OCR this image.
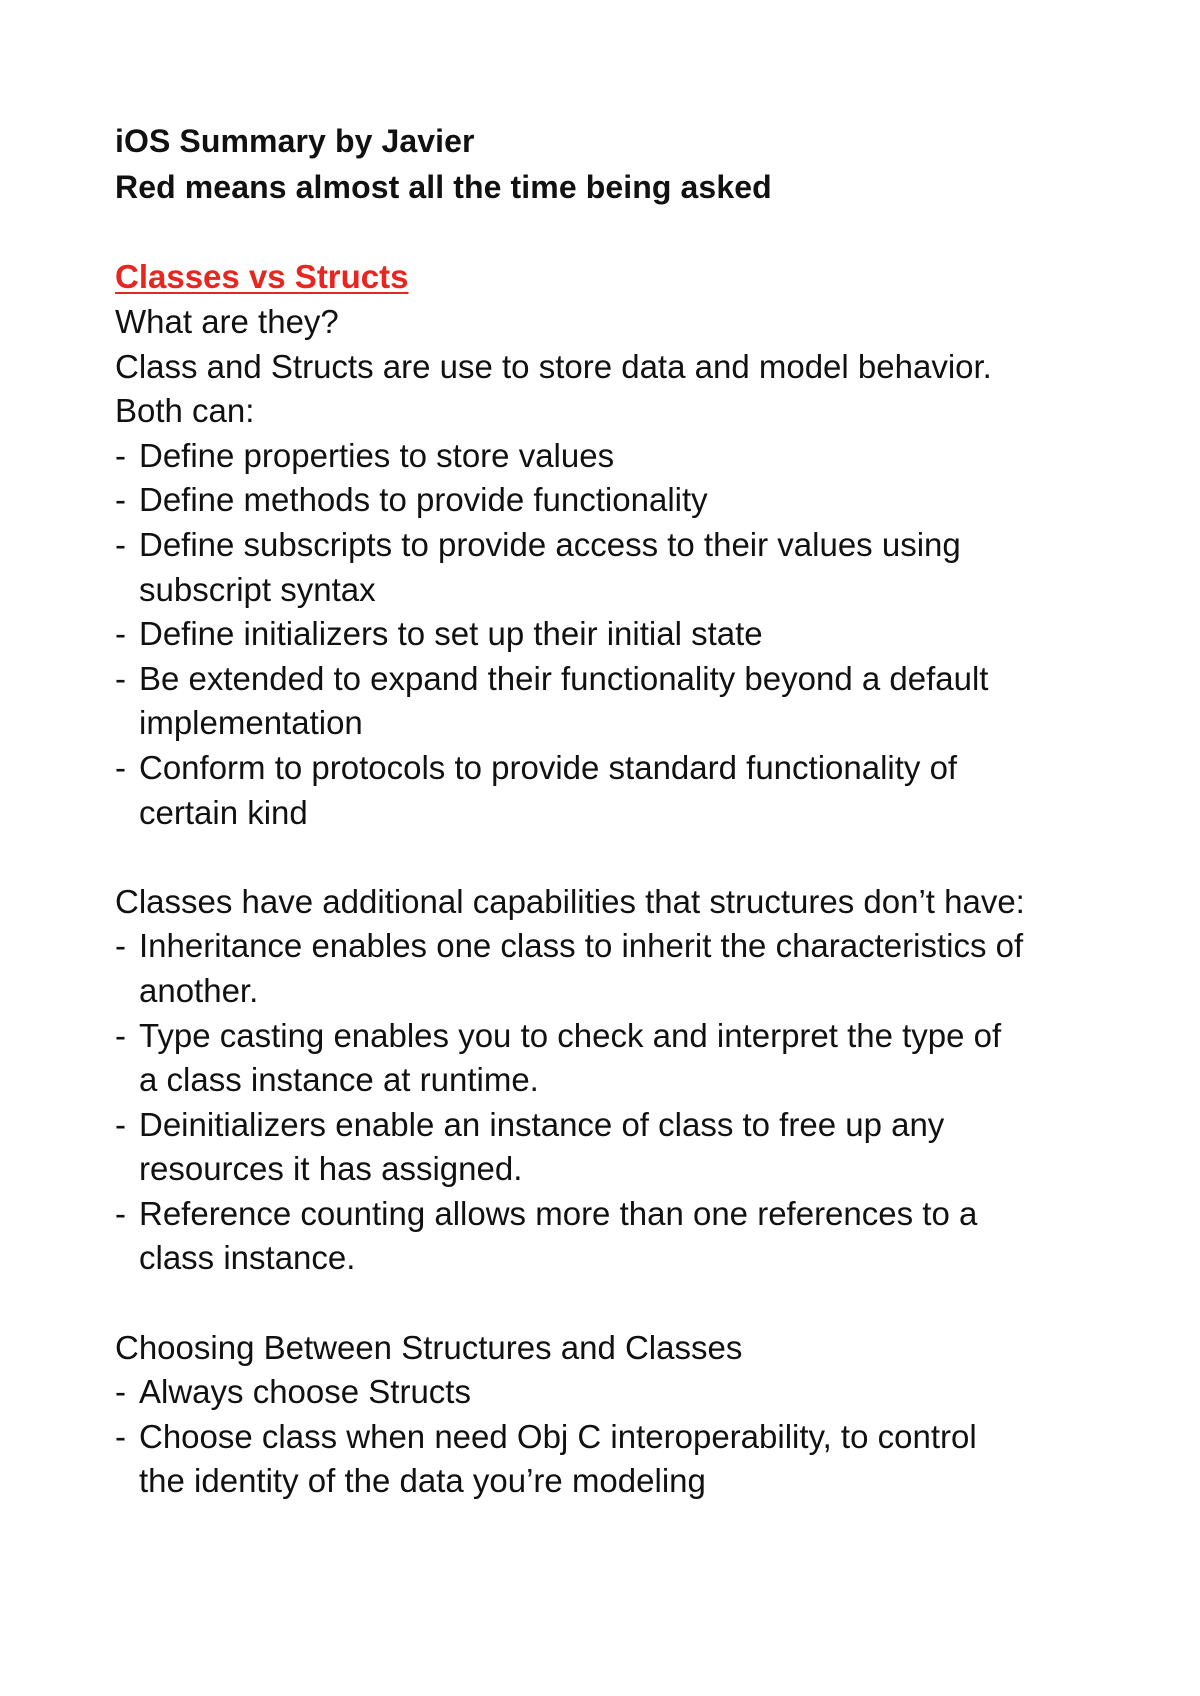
iOS Summary by Javier
Red means almost all the time being asked
Classes vs Structs
What are they?
Class and Structs are use to store data and model behavior.
Both can:
- Define properties to store values
- Define methods to provide functionality
- Define subscripts to provide access to their values using
subscript syntax
- Define initializers to set up their initial state
- Be extended to expand their functionality beyond a default
implementation
- Conform to protocols to provide standard functionality of
certain kind
Classes have additional capabilities that structures don’t have:
- Inheritance enables one class to inherit the characteristics of
another.
- Type casting enables you to check and interpret the type of
a class instance at runtime.
- Deinitializers enable an instance of class to free up any
resources it has assigned.
- Reference counting allows more than one references to a
class instance.
Choosing Between Structures and Classes
- Always choose Structs
- Choose class when need Obj C interoperability, to control
the identity of the data you’re modeling
